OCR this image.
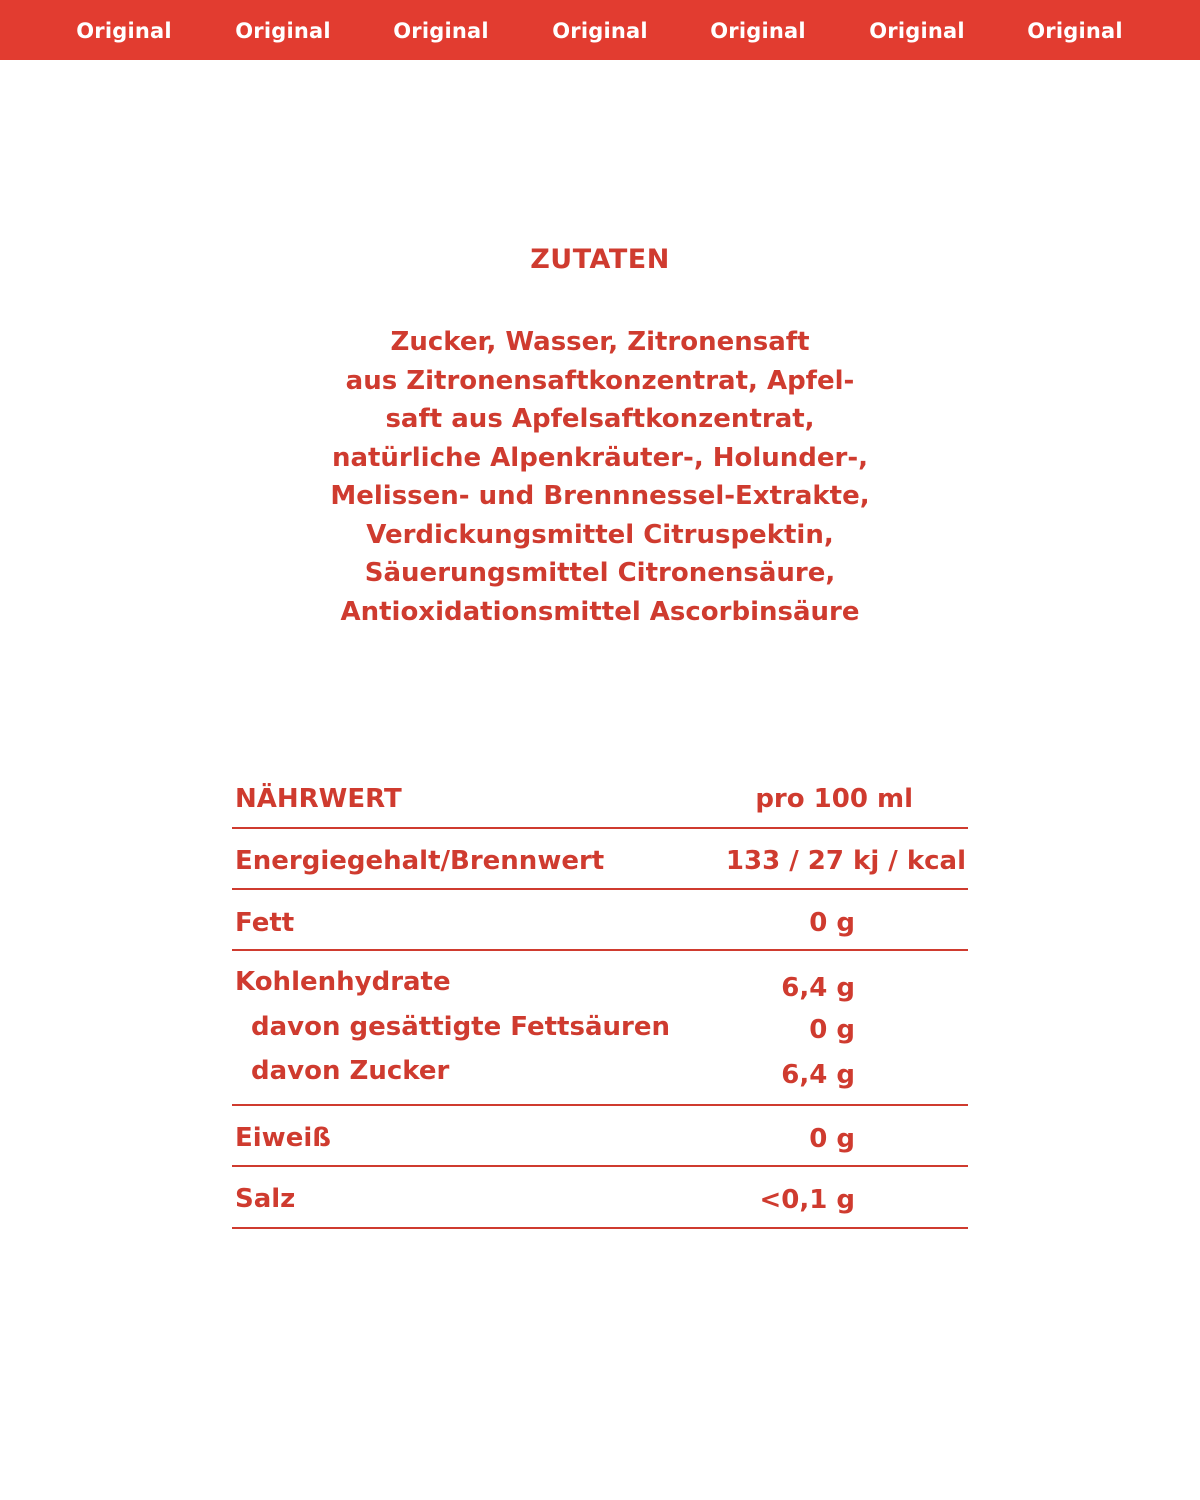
Original	Original	Original	Original	Original	Original	Original
ZUTATEN
Zucker, Wasser, Zitronensaft
aus Zitronensaftkonzentrat, Apfel-
saft aus Apfelsaftkonzentrat,
natürliche Alpenkräuter-, Holunder-,
Melissen- und Brennnessel-Extrakte,
Verdickungsmittel Citruspektin,
Säuerungsmittel Citronensäure,
Antioxidationsmittel Ascorbinsäure
NÄHRWERT	pro 100 ml
Energiegehalt/Brennwert	133 / 27 kj / kcal
Fett	0 g
Kohlenhydrate	6,4 g
davon gesättigte Fettsäuren	0 g
davon Zucker	6,4 g
Eiweiß	0 g
Salz	<0,1 g
